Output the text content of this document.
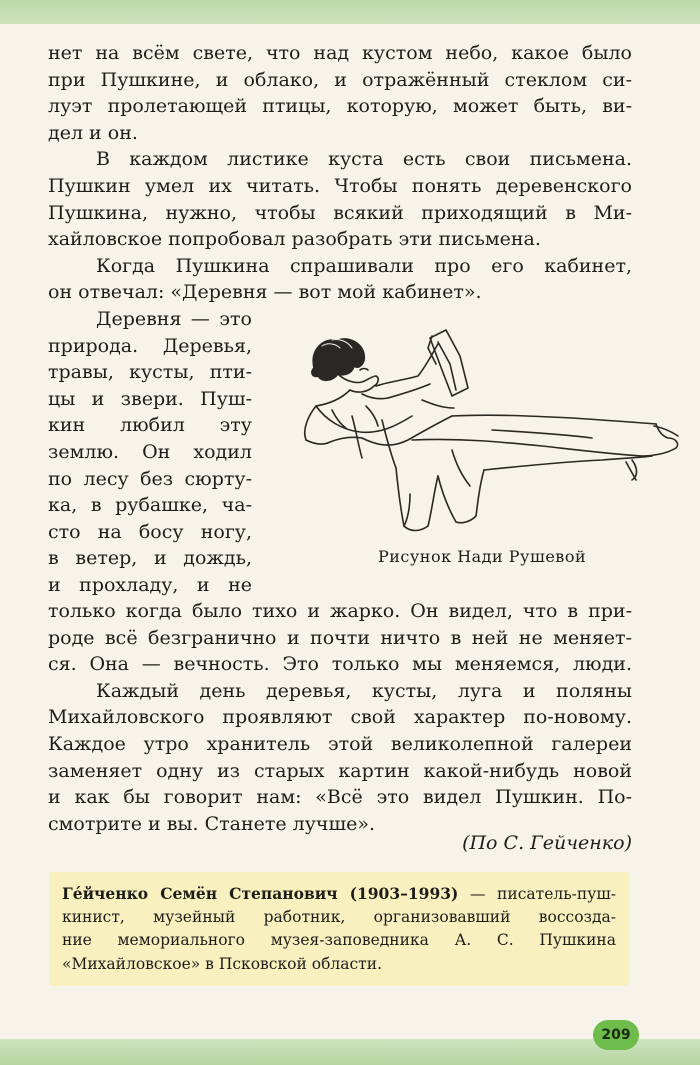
нет на всём свете, что над кустом небо, какое было
при Пушкине, и облако, и отражённый стеклом си-
луэт пролетающей птицы, которую, может быть, ви-
дел и он.
В каждом листике куста есть свои письмена.
Пушкин умел их читать. Чтобы понять деревенского
Пушкина, нужно, чтобы всякий приходящий в Ми-
хайловское попробовал разобрать эти письмена.
Когда Пушкина спрашивали про его кабинет,
он отвечал: «Деревня — вот мой кабинет».
Деревня — это
природа. Деревья,
травы, кусты, пти-
цы и звери. Пуш-
кин любил эту
землю. Он ходил
по лесу без сюрту-
ка, в рубашке, ча-
сто на босу ногу,
в ветер, и дождь,
и прохладу, и не
Рисунок Нади Рушевой
только когда было тихо и жарко. Он видел, что в при-
роде всё безгранично и почти ничто в ней не меняет-
ся. Она — вечность. Это только мы меняемся, люди.
Каждый день деревья, кусты, луга и поляны
Михайловского проявляют свой характер по-новому.
Каждое утро хранитель этой великолепной галереи
заменяет одну из старых картин какой-нибудь новой
и как бы говорит нам: «Всё это видел Пушкин. По-
смотрите и вы. Станете лучше».
(По С. Гейченко)
Ге́йченко Семён Степанович (1903–1993) — писатель-пуш-
кинист, музейный работник, организовавший воссозда-
ние мемориального музея-заповедника А. С. Пушкина
«Михайловское» в Псковской области.
209
